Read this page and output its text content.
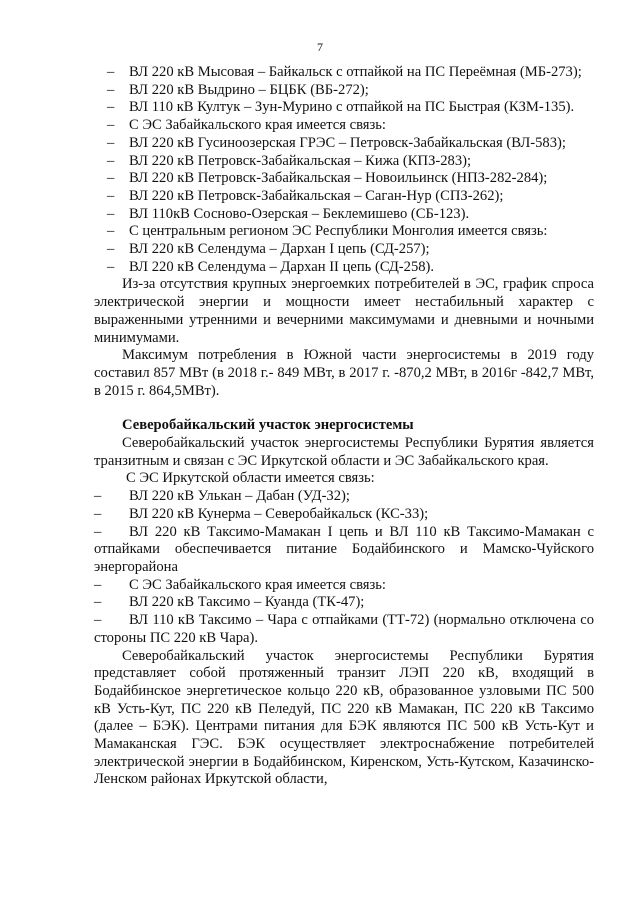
7
– ВЛ 220 кВ Мысовая – Байкальск с отпайкой на ПС Переёмная (МБ-273);
– ВЛ 220 кВ Выдрино – БЦБК (ВБ-272);
– ВЛ 110 кВ Култук – Зун-Мурино с отпайкой на ПС Быстрая (КЗМ-135).
– С ЭС Забайкальского края имеется связь:
– ВЛ 220 кВ Гусиноозерская ГРЭС – Петровск-Забайкальская (ВЛ-583);
– ВЛ 220 кВ Петровск-Забайкальская – Кижа (КПЗ-283);
– ВЛ 220 кВ Петровск-Забайкальская – Новоильинск (НПЗ-282-284);
– ВЛ 220 кВ Петровск-Забайкальская – Саган-Нур (СПЗ-262);
– ВЛ 110кВ Сосново-Озерская – Беклемишево (СБ-123).
– С центральным регионом ЭС Республики Монголия имеется связь:
– ВЛ 220 кВ Селендума – Дархан I цепь (СД-257);
– ВЛ 220 кВ Селендума – Дархан II цепь (СД-258).

Из-за отсутствия крупных энергоемких потребителей в ЭС, график спроса электрической энергии и мощности имеет нестабильный характер с выраженными утренними и вечерними максимумами и дневными и ночными минимумами.

Максимум потребления в Южной части энергосистемы в 2019 году составил 857 МВт (в 2018 г.- 849 МВт, в 2017 г. -870,2 МВт, в 2016г -842,7 МВт, в 2015 г. 864,5МВт).

Северобайкальский участок энергосистемы

Северобайкальский участок энергосистемы Республики Бурятия является транзитным и связан с ЭС Иркутской области и ЭС Забайкальского края.

С ЭС Иркутской области имеется связь:
– ВЛ 220 кВ Улькан – Дабан (УД-32);
– ВЛ 220 кВ Кунерма – Северобайкальск (КС-33);
– ВЛ 220 кВ Таксимо-Мамакан I цепь и ВЛ 110 кВ Таксимо-Мамакан с отпайками обеспечивается питание Бодайбинского и Мамско-Чуйского энергорайона
– С ЭС Забайкальского края имеется связь:
– ВЛ 220 кВ Таксимо – Куанда (ТК-47);
– ВЛ 110 кВ Таксимо – Чара с отпайками (ТТ-72) (нормально отключена со стороны ПС 220 кВ Чара).

Северобайкальский участок энергосистемы Республики Бурятия представляет собой протяженный транзит ЛЭП 220 кВ, входящий в Бодайбинское энергетическое кольцо 220 кВ, образованное узловыми ПС 500 кВ Усть-Кут, ПС 220 кВ Пеледуй, ПС 220 кВ Мамакан, ПС 220 кВ Таксимо (далее – БЭК). Центрами питания для БЭК являются ПС 500 кВ Усть-Кут и Мамаканская ГЭС. БЭК осуществляет электроснабжение потребителей электрической энергии в Бодайбинском, Киренском, Усть-Кутском, Казачинско-Ленском районах Иркутской области,
